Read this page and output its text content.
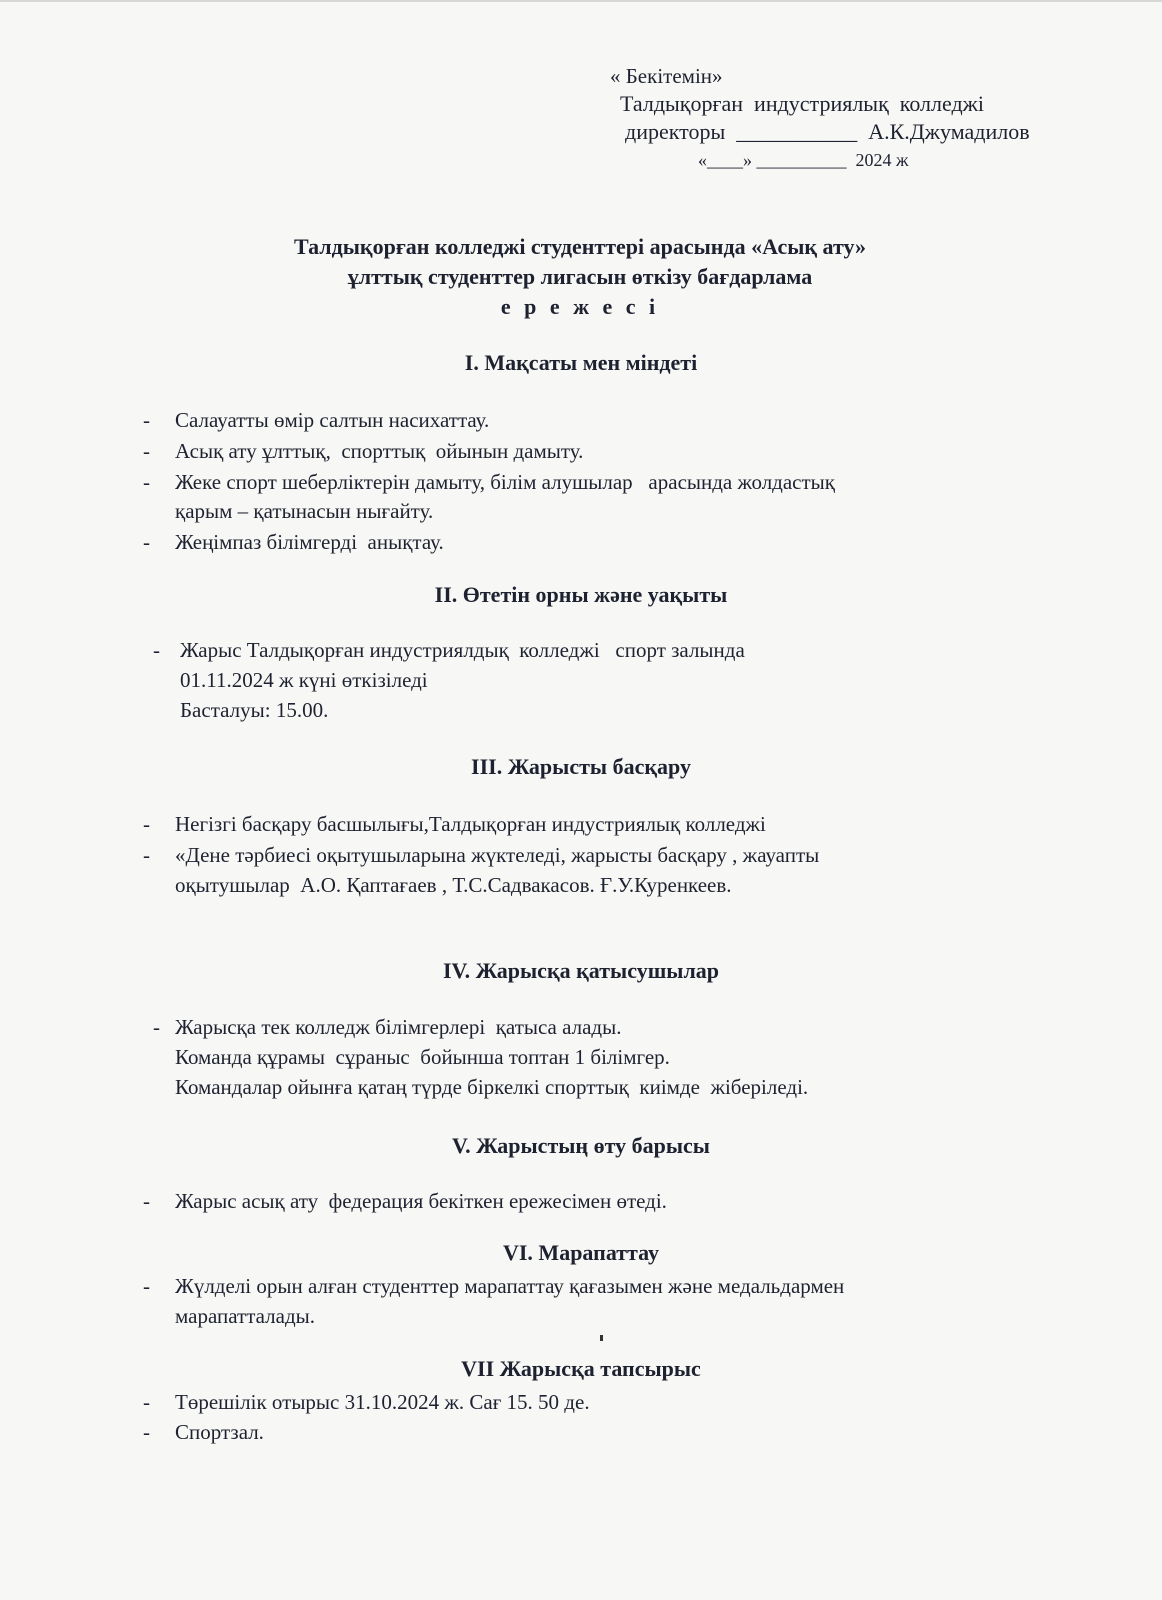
« Бекітемін»
Талдықорған  индустриялық  колледжі
директоры  ___________  А.К.Джумадилов
«____» __________  2024 ж
Талдықорған колледжі студенттері арасында «Асық ату»
ұлттық студенттер лигасын өткізу бағдарлама
е р е ж е с і
I. Мақсаты мен міндеті
- Салауатты өмір салтын насихаттау.
- Асық ату ұлттық,  спорттық  ойынын дамыту.
- Жеке спорт шеберліктерін дамыту, білім алушылар   арасында жолдастық
қарым – қатынасын нығайту.
- Жеңімпаз білімгерді  анықтау.
II. Өтетін орны және уақыты
- Жарыс Талдықорған индустриялдық  колледжі   спорт залында
01.11.2024 ж күні өткізіледі
Басталуы: 15.00.
III. Жарысты басқару
- Негізгі басқару басшылығы,Талдықорған индустриялық колледжі
- «Дене тәрбиесі оқытушыларына жүктеледі, жарысты басқару , жауапты
оқытушылар  А.О. Қаптағаев , Т.С.Садвакасов. Ғ.У.Куренкеев.
IV. Жарысқа қатысушылар
- Жарысқа тек колледж білімгерлері  қатыса алады.
Команда құрамы  сұраныс  бойынша топтан 1 білімгер.
Командалар ойынға қатаң түрде біркелкі спорттық  киімде  жіберіледі.
V. Жарыстың өту барысы
- Жарыс асық ату  федерация бекіткен ережесімен өтеді.
VI. Марапаттау
- Жүлделі орын алған студенттер марапаттау қағазымен және медальдармен
марапатталады.
VII Жарысқа тапсырыс
- Төрешілік отырыс 31.10.2024 ж. Сағ 15. 50 де.
- Спортзал.
